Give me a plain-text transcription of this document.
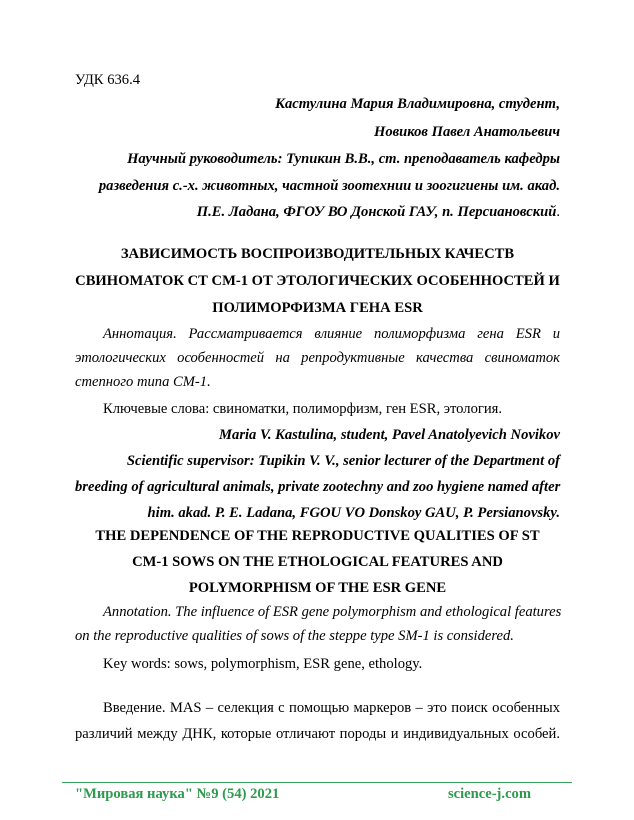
УДК 636.4
Кастулина Мария Владимировна, студент,
Новиков Павел Анатольевич
Научный руководитель: Тупикин В.В., ст. преподаватель кафедры
разведения с.-х. животных, частной зоотехнии и зоогигиены им. акад.
П.Е. Ладана, ФГОУ ВО Донской ГАУ, п. Персиановский.
ЗАВИСИМОСТЬ ВОСПРОИЗВОДИТЕЛЬНЫХ КАЧЕСТВ
СВИНОМАТОК СТ СМ-1 ОТ ЭТОЛОГИЧЕСКИХ ОСОБЕННОСТЕЙ И
ПОЛИМОРФИЗМА ГЕНА ESR
Аннотация. Рассматривается влияние полиморфизма гена ESR и
этологических особенностей на репродуктивные качества свиноматок
степного типа СМ-1.
Ключевые слова: свиноматки, полиморфизм, ген ESR, этология.
Maria V. Kastulina, student, Pavel Anatolyevich Novikov
Scientific supervisor: Tupikin V. V., senior lecturer of the Department of
breeding of agricultural animals, private zootechny and zoo hygiene named after
him. akad. P. E. Ladana, FGOU VO Donskoy GAU, P. Persianovsky.
THE DEPENDENCE OF THE REPRODUCTIVE QUALITIES OF ST
CM-1 SOWS ON THE ETHOLOGICAL FEATURES AND
POLYMORPHISM OF THE ESR GENE
Annotation. The influence of ESR gene polymorphism and ethological features
on the reproductive qualities of sows of the steppe type SM-1 is considered.
Key words: sows, polymorphism, ESR gene, ethology.
Введение. MAS – селекция с помощью маркеров – это поиск особенных
различий между ДНК, которые отличают породы и индивидуальных особей.
"Мировая наука" №9 (54) 2021	science-j.com
